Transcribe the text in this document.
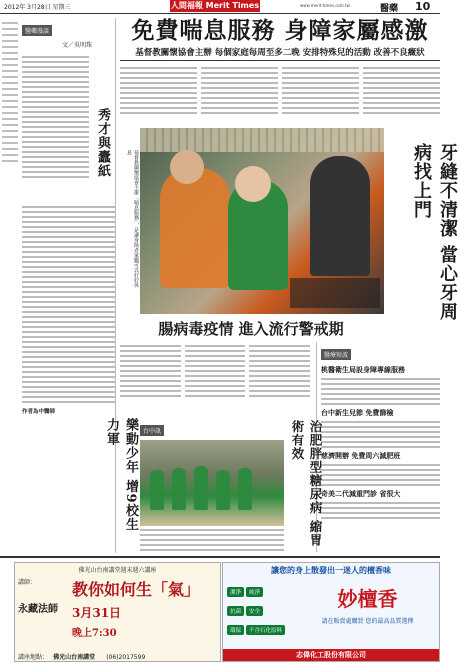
2012年 3月28日 星期三	人間福報 Merit Times	www.merit-times.com.tw	醫藥 10
醫藥漫談
文／吳明珠
秀才與蠹紙
作者為中醫師
免費喘息服務 身障家屬感激
基督教關懷協會主辦 每個家庭每周至多二晚 安排特殊兒的活動 改善不良癥狀
基督教關懷協會主辦「喘息服務」，是讓身障者家屬可以好好休息	牙縫不清潔 當心牙周病找上門
醫療短波
桃醫衛生局設身障專線服務
台中新生兒節 免費篩檢
慈濟開辦 免費周六減肥班
奇美二代減重門診 省很大
腸病毒疫情 進入流行警戒期
治肥胖型糖尿病 縮胃術有效
樂動少年 增9校生力軍	台中訊
佛光山台南講堂週末週六講座
講師：
永藏法師
教你如何生「氣」
3月31日
晚上7:30
講座地點： 佛光山台南講堂 (06)2017599
讓您的身上散發出一迷人的檀香味
潔淨 純淨
抗菌 安全
環保 不含石化原料
妙檀香
請在販賣處購買 您的最高品質選擇
志偉化工股份有限公司
